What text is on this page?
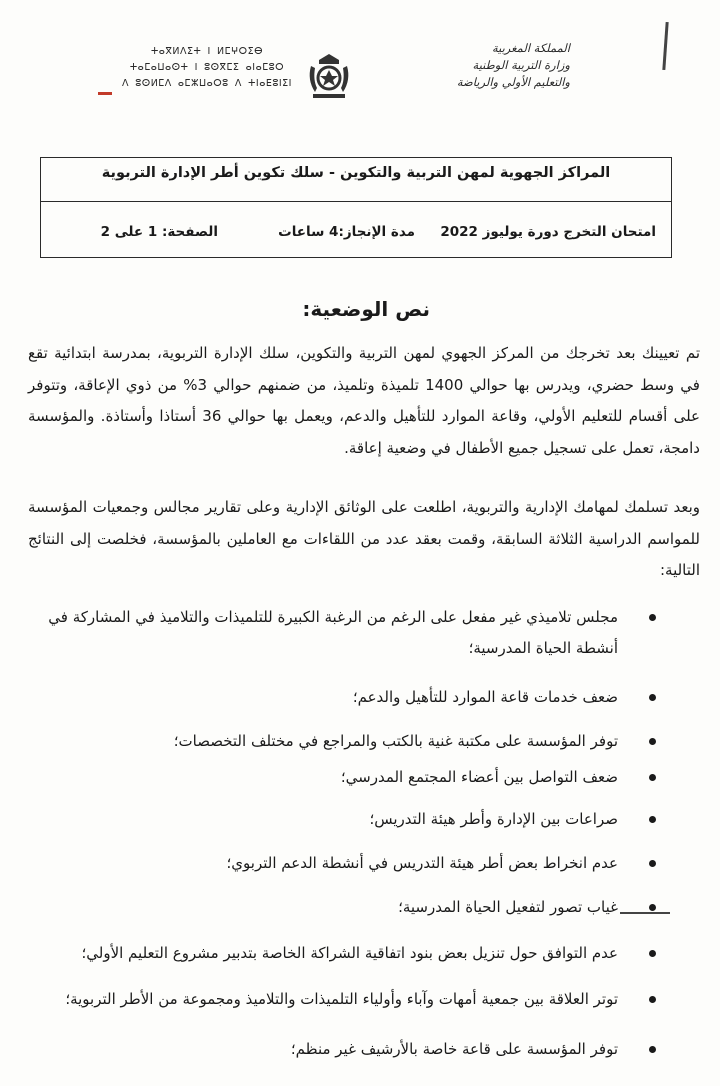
المملكة المغربية
وزارة التربية الوطنية
والتعليم الأولي والرياضة
ⵜⴰⴳⵍⴷⵉⵜ ⵏ ⵍⵎⵖⵔⵉⴱ
ⵜⴰⵎⴰⵡⴰⵙⵜ ⵏ ⵓⵙⴳⵎⵉ ⴰⵏⴰⵎⵓⵔ
ⴷ ⵓⵙⵍⵎⴷ ⴰⵎⵣⵡⴰⵔⵓ ⴷ ⵜⵏⴰⴹⵓⵏⵉⵏ
المراكز الجهوية لمهن التربية والتكوين - سلك تكوين أطر الإدارة التربوية
امتحان التخرج دورة يوليوز 2022
مدة الإنجاز:4 ساعات
الصفحة: 1 على 2
نص الوضعية:
تم تعيينك بعد تخرجك من المركز الجهوي لمهن التربية والتكوين، سلك الإدارة التربوية، بمدرسة ابتدائية تقع في وسط حضري، ويدرس بها حوالي 1400 تلميذة وتلميذ، من ضمنهم حوالي 3% من ذوي الإعاقة، وتتوفر على أقسام للتعليم الأولي، وقاعة الموارد للتأهيل والدعم، ويعمل بها حوالي 36 أستاذا وأستاذة. والمؤسسة دامجة، تعمل على تسجيل جميع الأطفال في وضعية إعاقة.
وبعد تسلمك لمهامك الإدارية والتربوية، اطلعت على الوثائق الإدارية وعلى تقارير مجالس وجمعيات المؤسسة للمواسم الدراسية الثلاثة السابقة، وقمت بعقد عدد من اللقاءات مع العاملين بالمؤسسة، فخلصت إلى النتائج التالية:
مجلس تلاميذي غير مفعل على الرغم من الرغبة الكبيرة للتلميذات والتلاميذ في المشاركة في أنشطة الحياة المدرسية؛
ضعف خدمات قاعة الموارد للتأهيل والدعم؛
توفر المؤسسة على مكتبة غنية بالكتب والمراجع في مختلف التخصصات؛
ضعف التواصل بين أعضاء المجتمع المدرسي؛
صراعات بين الإدارة وأطر هيئة التدريس؛
عدم انخراط بعض أطر هيئة التدريس في أنشطة الدعم التربوي؛
غياب تصور لتفعيل الحياة المدرسية؛
عدم التوافق حول تنزيل بعض بنود اتفاقية الشراكة الخاصة بتدبير مشروع التعليم الأولي؛
توتر العلاقة بين جمعية أمهات وآباء وأولياء التلميذات والتلاميذ ومجموعة من الأطر التربوية؛
توفر المؤسسة على قاعة خاصة بالأرشيف غير منظم؛
